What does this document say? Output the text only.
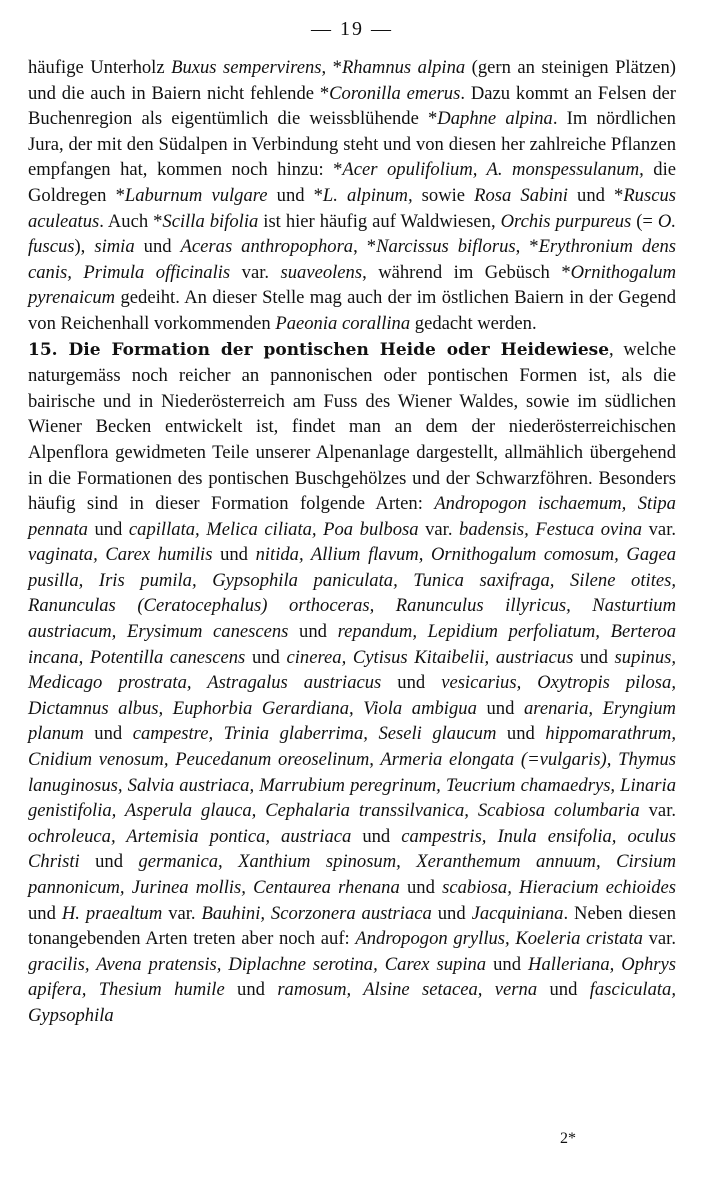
— 19 —

häufige Unterholz Buxus sempervirens, *Rhamnus alpina (gern an steinigen Plätzen) und die auch in Baiern nicht fehlende *Coronilla emerus. Dazu kommt an Felsen der Buchenregion als eigentümlich die weissblühende *Daphne alpina. Im nördlichen Jura, der mit den Südalpen in Verbindung steht und von diesen her zahlreiche Pflanzen empfangen hat, kommen noch hinzu: *Acer opulifolium, A. monspessulanum, die Goldregen *Laburnum vulgare und *L. alpinum, sowie Rosa Sabini und *Ruscus aculeatus. Auch *Scilla bifolia ist hier häufig auf Waldwiesen, Orchis purpureus (= O. fuscus), simia und Aceras anthropophora, *Narcissus biflorus, *Erythronium dens canis, Primula officinalis var. suaveolens, während im Gebüsch *Ornithogalum pyrenaicum gedeiht. An dieser Stelle mag auch der im östlichen Baiern in der Gegend von Reichenhall vorkommenden Paeonia corallina gedacht werden.

15. Die Formation der pontischen Heide oder Heidewiese, welche naturgemäss noch reicher an pannonischen oder pontischen Formen ist, als die bairische und in Niederösterreich am Fuss des Wiener Waldes, sowie im südlichen Wiener Becken entwickelt ist, findet man an dem der niederösterreichischen Alpenflora gewidmeten Teile unserer Alpenanlage dargestellt, allmählich übergehend in die Formationen des pontischen Buschgehölzes und der Schwarzföhren. Besonders häufig sind in dieser Formation folgende Arten: Andropogon ischaemum, Stipa pennata und capillata, Melica ciliata, Poa bulbosa var. badensis, Festuca ovina var. vaginata, Carex humilis und nitida, Allium flavum, Ornithogalum comosum, Gagea pusilla, Iris pumila, Gypsophila paniculata, Tunica saxifraga, Silene otites, Ranunculas (Ceratocephalus) orthoceras, Ranunculus illyricus, Nasturtium austriacum, Erysimum canescens und repandum, Lepidium perfoliatum, Berteroa incana, Potentilla canescens und cinerea, Cytisus Kitaibelii, austriacus und supinus, Medicago prostrata, Astragalus austriacus und vesicarius, Oxytropis pilosa, Dictamnus albus, Euphorbia Gerardiana, Viola ambigua und arenaria, Eryngium planum und campestre, Trinia glaberrima, Seseli glaucum und hippomarathrum, Cnidium venosum, Peucedanum oreoselinum, Armeria elongata (=vulgaris), Thymus lanuginosus, Salvia austriaca, Marrubium peregrinum, Teucrium chamaedrys, Linaria genistifolia, Asperula glauca, Cephalaria transsilvanica, Scabiosa columbaria var. ochroleuca, Artemisia pontica, austriaca und campestris, Inula ensifolia, oculus Christi und germanica, Xanthium spinosum, Xeranthemum annuum, Cirsium pannonicum, Jurinea mollis, Centaurea rhenana und scabiosa, Hieracium echioides und H. praealtum var. Bauhini, Scorzonera austriaca und Jacquiniana. Neben diesen tonangebenden Arten treten aber noch auf: Andropogon gryllus, Koeleria cristata var. gracilis, Avena pratensis, Diplachne serotina, Carex supina und Halleriana, Ophrys apifera, Thesium humile und ramosum, Alsine setacea, verna und fasciculata, Gypsophila

2*
